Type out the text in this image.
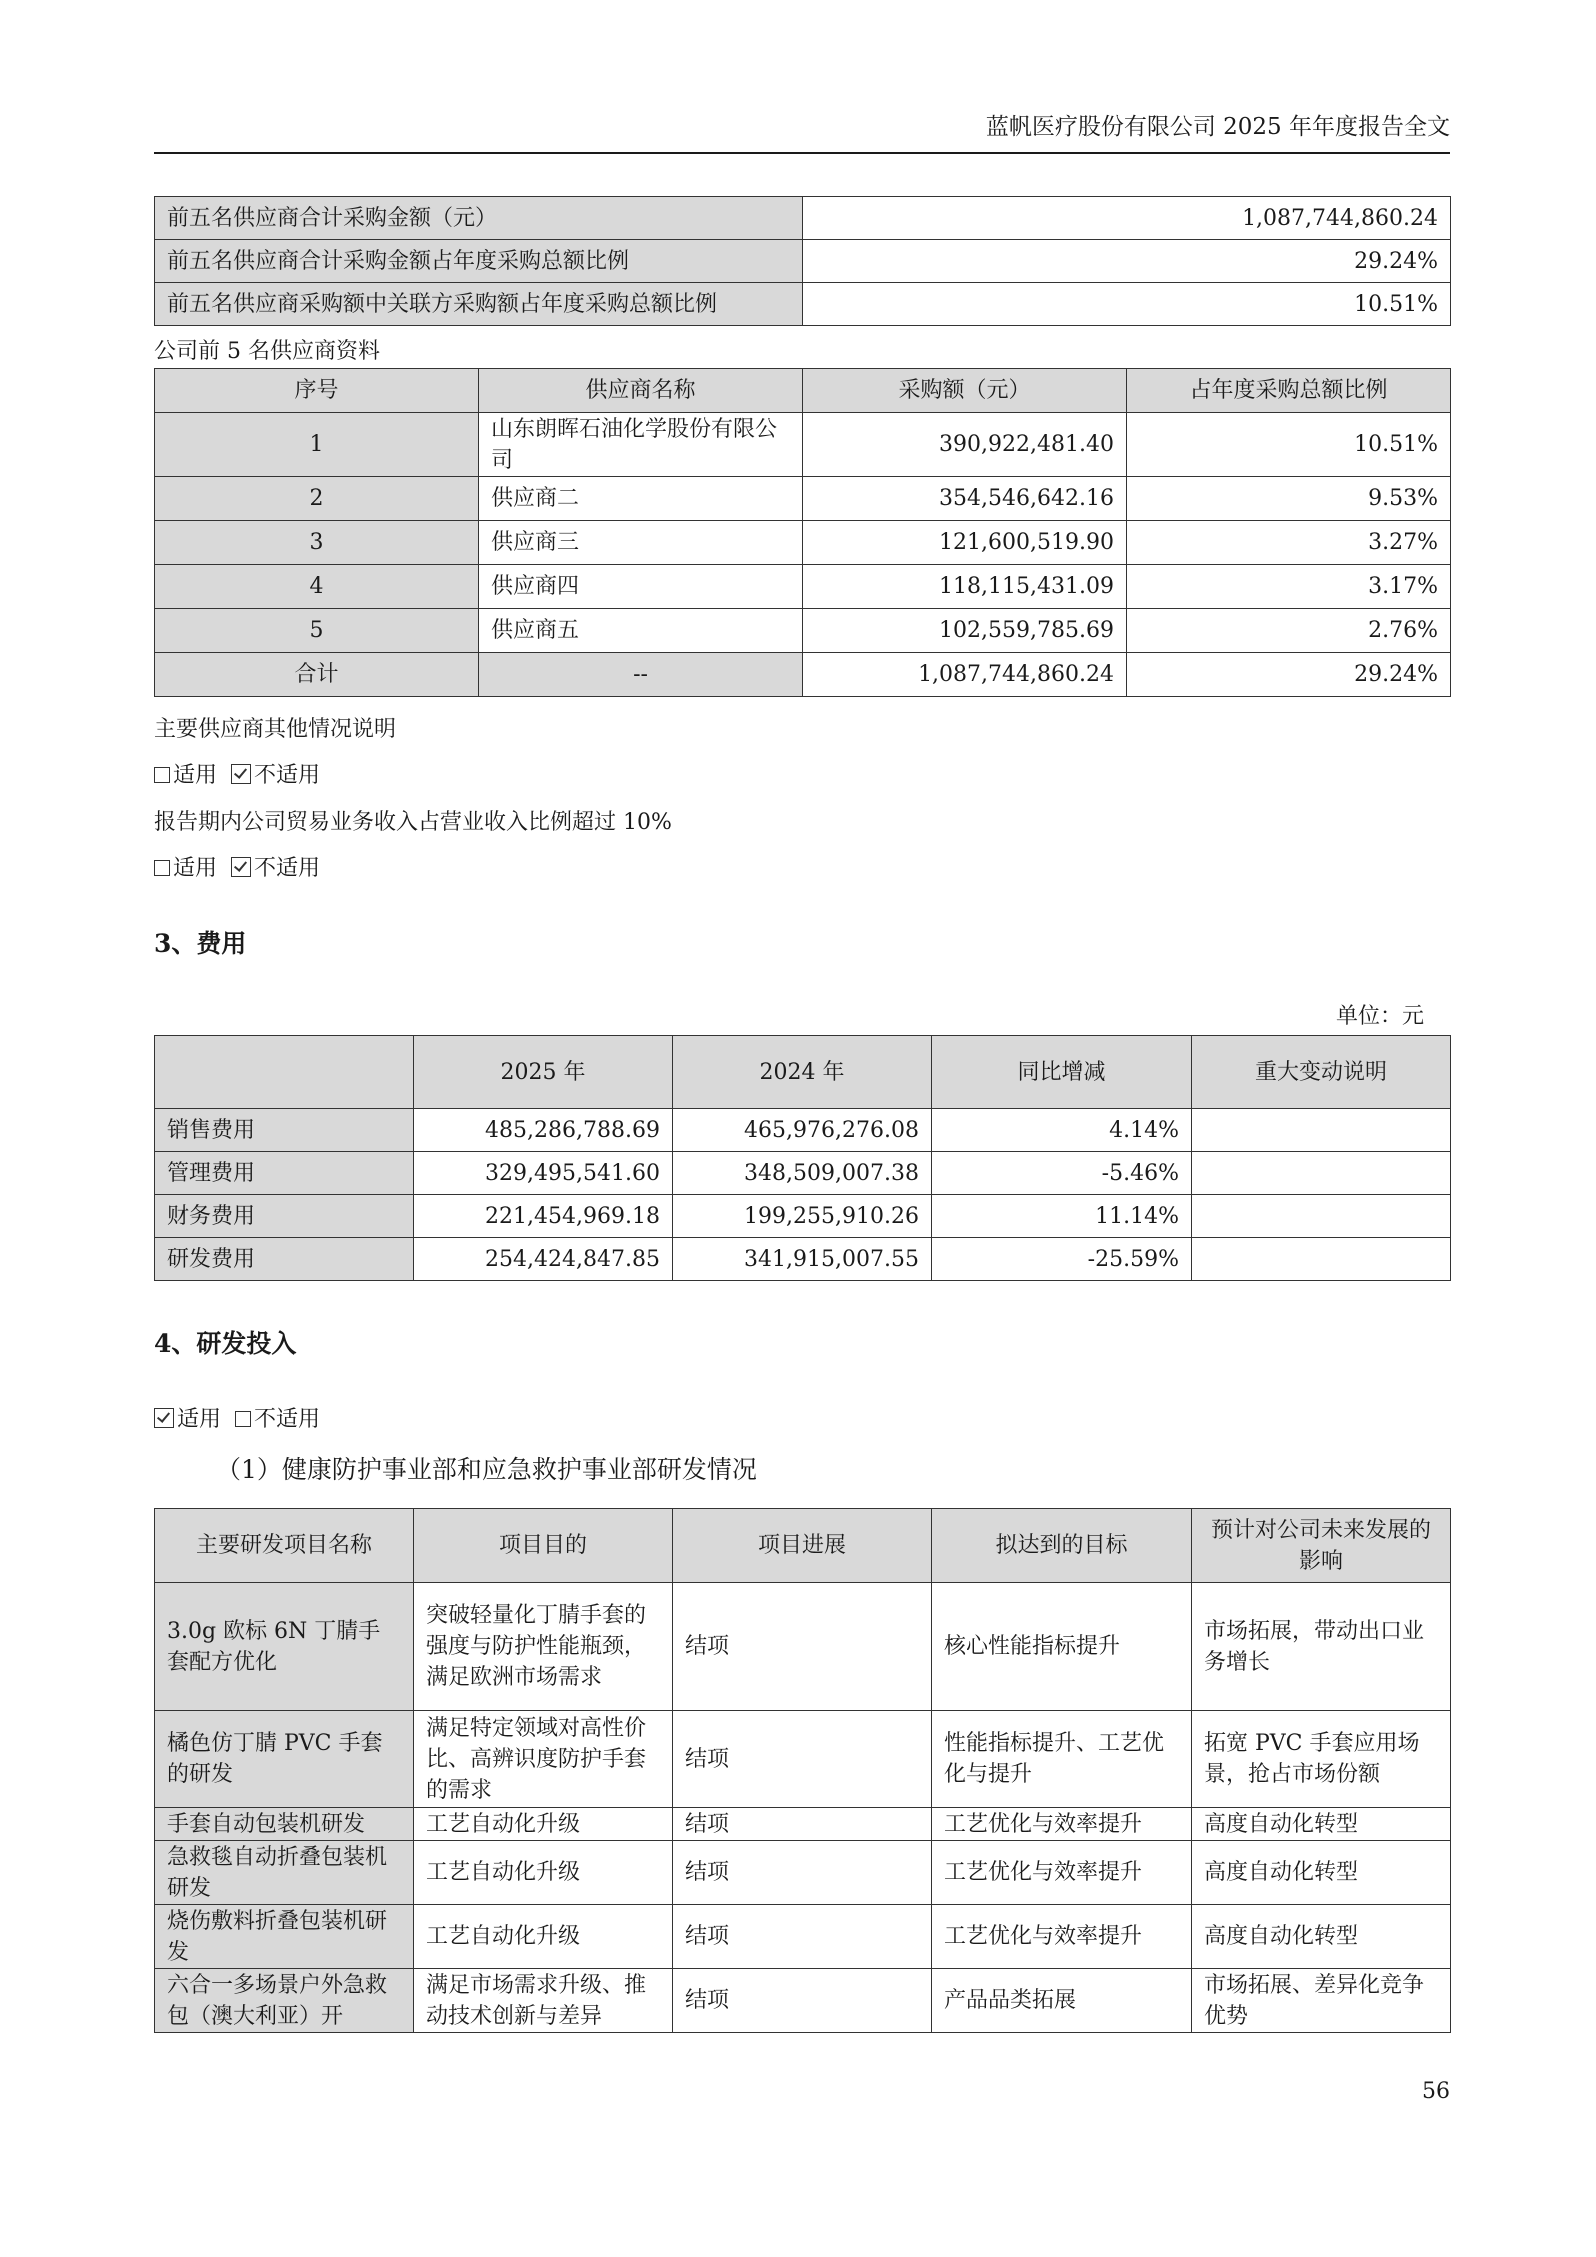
蓝帆医疗股份有限公司 2025 年年度报告全文
前五名供应商合计采购金额（元）	1,087,744,860.24
前五名供应商合计采购金额占年度采购总额比例	29.24%
前五名供应商采购额中关联方采购额占年度采购总额比例	10.51%
公司前 5 名供应商资料
序号	供应商名称	采购额（元）	占年度采购总额比例
1	山东朗晖石油化学股份有限公司	390,922,481.40	10.51%
2	供应商二	354,546,642.16	9.53%
3	供应商三	121,600,519.90	3.27%
4	供应商四	118,115,431.09	3.17%
5	供应商五	102,559,785.69	2.76%
合计	--	1,087,744,860.24	29.24%
主要供应商其他情况说明
适用 不适用
报告期内公司贸易业务收入占营业收入比例超过 10%
适用 不适用
3、费用
单位：元
	2025 年	2024 年	同比增减	重大变动说明
销售费用	485,286,788.69	465,976,276.08	4.14%	
管理费用	329,495,541.60	348,509,007.38	-5.46%	
财务费用	221,454,969.18	199,255,910.26	11.14%	
研发费用	254,424,847.85	341,915,007.55	-25.59%	
4、研发投入
适用 不适用
（1）健康防护事业部和应急救护事业部研发情况
主要研发项目名称	项目目的	项目进展	拟达到的目标	预计对公司未来发展的影响
3.0g 欧标 6N 丁腈手套配方优化	突破轻量化丁腈手套的强度与防护性能瓶颈，满足欧洲市场需求	结项	核心性能指标提升	市场拓展，带动出口业务增长
橘色仿丁腈 PVC 手套的研发	满足特定领域对高性价比、高辨识度防护手套的需求	结项	性能指标提升、工艺优化与提升	拓宽 PVC 手套应用场景，抢占市场份额
手套自动包装机研发	工艺自动化升级	结项	工艺优化与效率提升	高度自动化转型
急救毯自动折叠包装机研发	工艺自动化升级	结项	工艺优化与效率提升	高度自动化转型
烧伤敷料折叠包装机研发	工艺自动化升级	结项	工艺优化与效率提升	高度自动化转型
六合一多场景户外急救包（澳大利亚）开	满足市场需求升级、推动技术创新与差异	结项	产品品类拓展	市场拓展、差异化竞争优势
56
